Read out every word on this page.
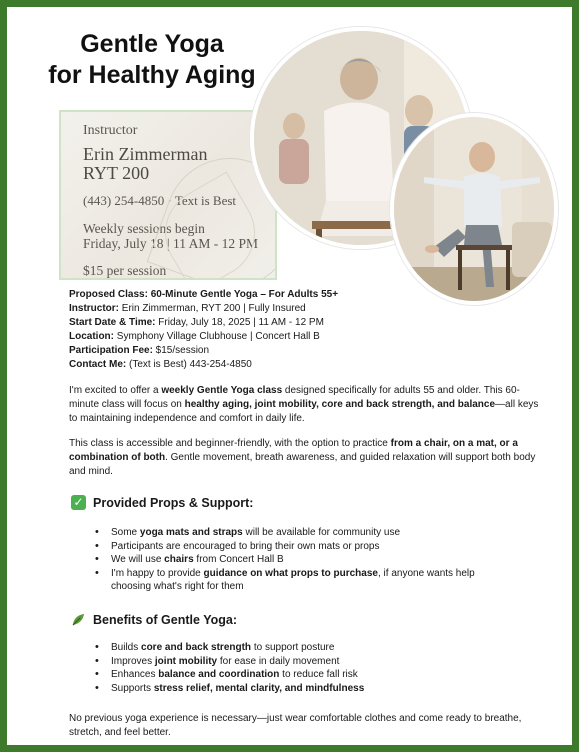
Gentle Yoga
for Healthy Aging
Instructor
Erin Zimmerman
RYT 200
(443) 254-4850 · Text is Best
Weekly sessions begin
Friday, July 18 | 11 AM - 12 PM
$15 per session
Proposed Class: 60-Minute Gentle Yoga – For Adults 55+
Instructor: Erin Zimmerman, RYT 200 | Fully Insured
Start Date & Time: Friday, July 18, 2025 | 11 AM - 12 PM
Location: Symphony Village Clubhouse | Concert Hall B
Participation Fee: $15/session
Contact Me: (Text is Best) 443-254-4850
I'm excited to offer a weekly Gentle Yoga class designed specifically for adults 55 and older. This 60-minute class will focus on healthy aging, joint mobility, core and back strength, and balance—all keys to maintaining independence and comfort in daily life.
This class is accessible and beginner-friendly, with the option to practice from a chair, on a mat, or a combination of both. Gentle movement, breath awareness, and guided relaxation will support both body and mind.
✓ Provided Props & Support:
• Some yoga mats and straps will be available for community use
• Participants are encouraged to bring their own mats or props
• We will use chairs from Concert Hall B
• I'm happy to provide guidance on what props to purchase, if anyone wants help choosing what's right for them
Benefits of Gentle Yoga:
• Builds core and back strength to support posture
• Improves joint mobility for ease in daily movement
• Enhances balance and coordination to reduce fall risk
• Supports stress relief, mental clarity, and mindfulness
No previous yoga experience is necessary—just wear comfortable clothes and come ready to breathe, stretch, and feel better.
